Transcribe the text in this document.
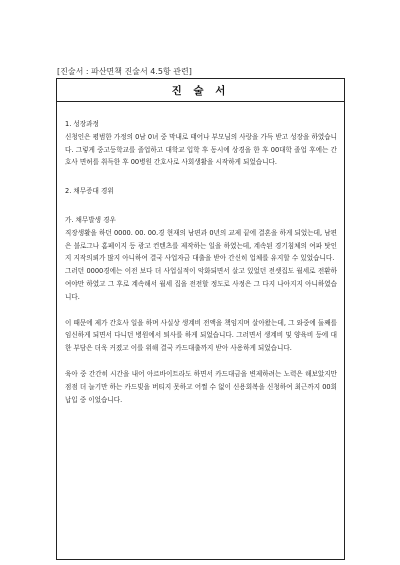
[진술서 : 파산면책 진술서 4.5항 관련]
진 술 서

1. 성장과정

신청인은 평범한 가정의 0남 0녀 중 막내로 태어나 부모님의 사랑을 가득 받고 성장을 하였습니다. 그렇게 중고등학교를 졸업하고 대학교 입학 후 동시에 상경을 한 후 00대학 졸업 후에는 간호사 면허를 취득한 후 00병원 간호사로 사회생활을 시작하게 되었습니다.

2. 채무증대 경위

가. 채무발생 경우

직장생활을 하던 0000. 00. 00.경 현재의 남편과 0년의 교제 끝에 결혼을 하게 되었는데, 남편은 블로그나 홈페이지 등 광고 컨텐츠를 제작하는 일을 하였는데, 계속된 경기침체의 여파 탓인지 지작의뢰가 많지 아니하여 결국 사업자금 대출을 받아 간신히 업체를 유지할 수 있었습니다.

그러던 0000경에는 이전 보다 더 사업실적이 악화되면서 살고 있었던 전셋집도 월세로 전환하여야만 하였고 그 후로 계속해서 월세 집을 전전할 정도로 사정은 그 다지 나아지지 아니하였습니다.

이 때문에 제가 간호사 일을 하며 사실상 생계비 전액을 책임지며 살아왔는데, 그 와중에 둘째를 임신하게 되면서 다니던 병원에서 퇴사를 하게 되었습니다. 그러면서 생계비 및 양육비 등에 대한 부담은 더욱 커졌고 이를 위해 결국 카드대출까지 받아 사용하게 되었습니다.

육아 중 간간히 시간을 내어 아르바이트라도 하면서 카드대금을 변제하려는 노력은 해보았지만 점점 더 늘기만 하는 카드빚을 버티지 못하고 어쩔 수 없이 신용회복을 신청하여 최근까지 00회 납입 중 이었습니다.
